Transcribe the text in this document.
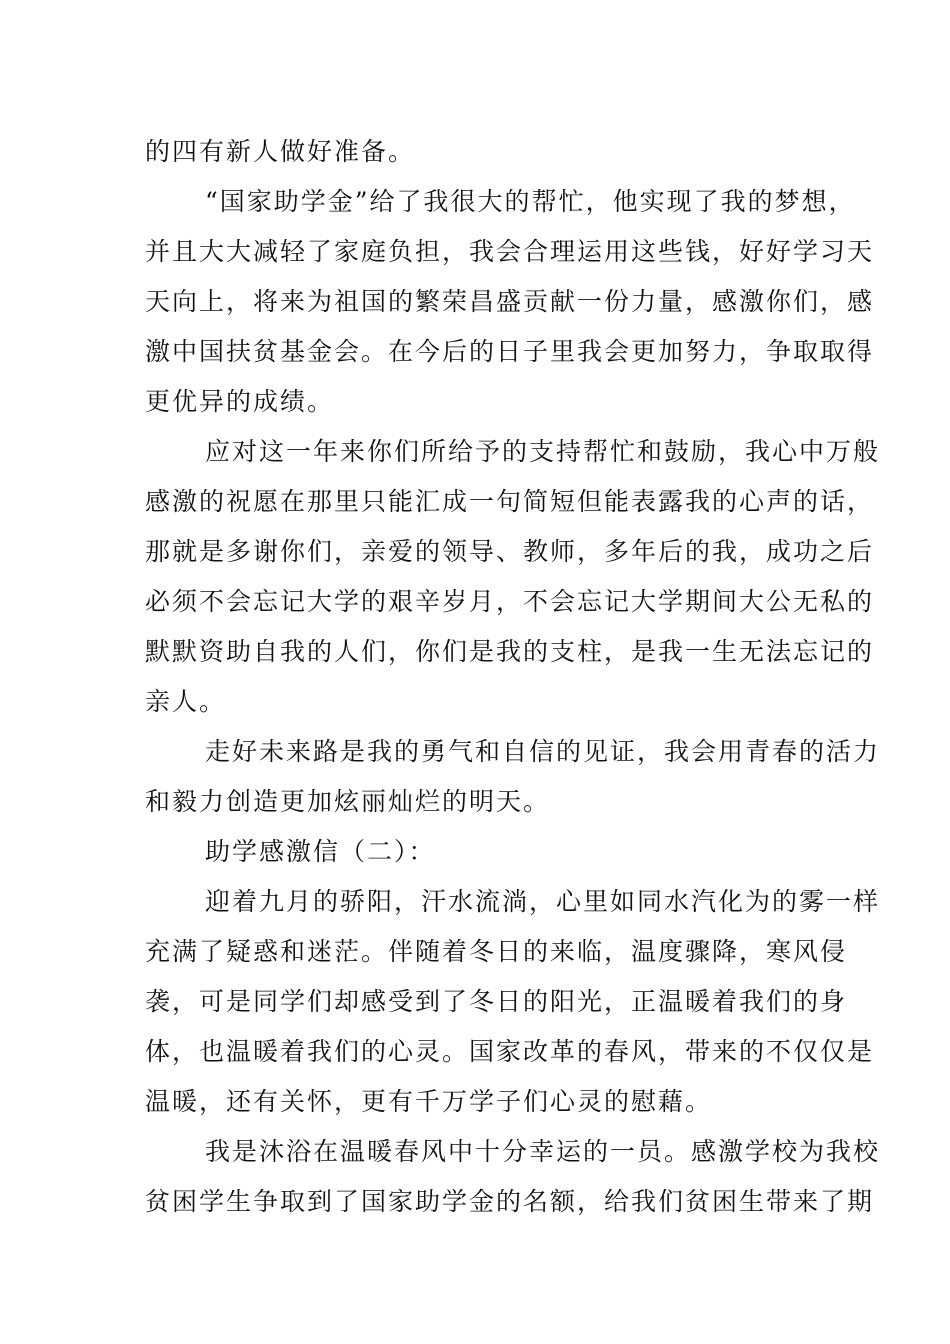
的四有新人做好准备。
“国家助学金”给了我很大的帮忙，他实现了我的梦想，
并且大大减轻了家庭负担，我会合理运用这些钱，好好学习天
天向上，将来为祖国的繁荣昌盛贡献一份力量，感激你们，感
激中国扶贫基金会。在今后的日子里我会更加努力，争取取得
更优异的成绩。
应对这一年来你们所给予的支持帮忙和鼓励，我心中万般
感激的祝愿在那里只能汇成一句简短但能表露我的心声的话，
那就是多谢你们，亲爱的领导、教师，多年后的我，成功之后
必须不会忘记大学的艰辛岁月，不会忘记大学期间大公无私的
默默资助自我的人们，你们是我的支柱，是我一生无法忘记的
亲人。
走好未来路是我的勇气和自信的见证，我会用青春的活力
和毅力创造更加炫丽灿烂的明天。
助学感激信（二）：
迎着九月的骄阳，汗水流淌，心里如同水汽化为的雾一样
充满了疑惑和迷茫。伴随着冬日的来临，温度骤降，寒风侵
袭，可是同学们却感受到了冬日的阳光，正温暖着我们的身
体，也温暖着我们的心灵。国家改革的春风，带来的不仅仅是
温暖，还有关怀，更有千万学子们心灵的慰藉。
我是沐浴在温暖春风中十分幸运的一员。感激学校为我校
贫困学生争取到了国家助学金的名额，给我们贫困生带来了期
